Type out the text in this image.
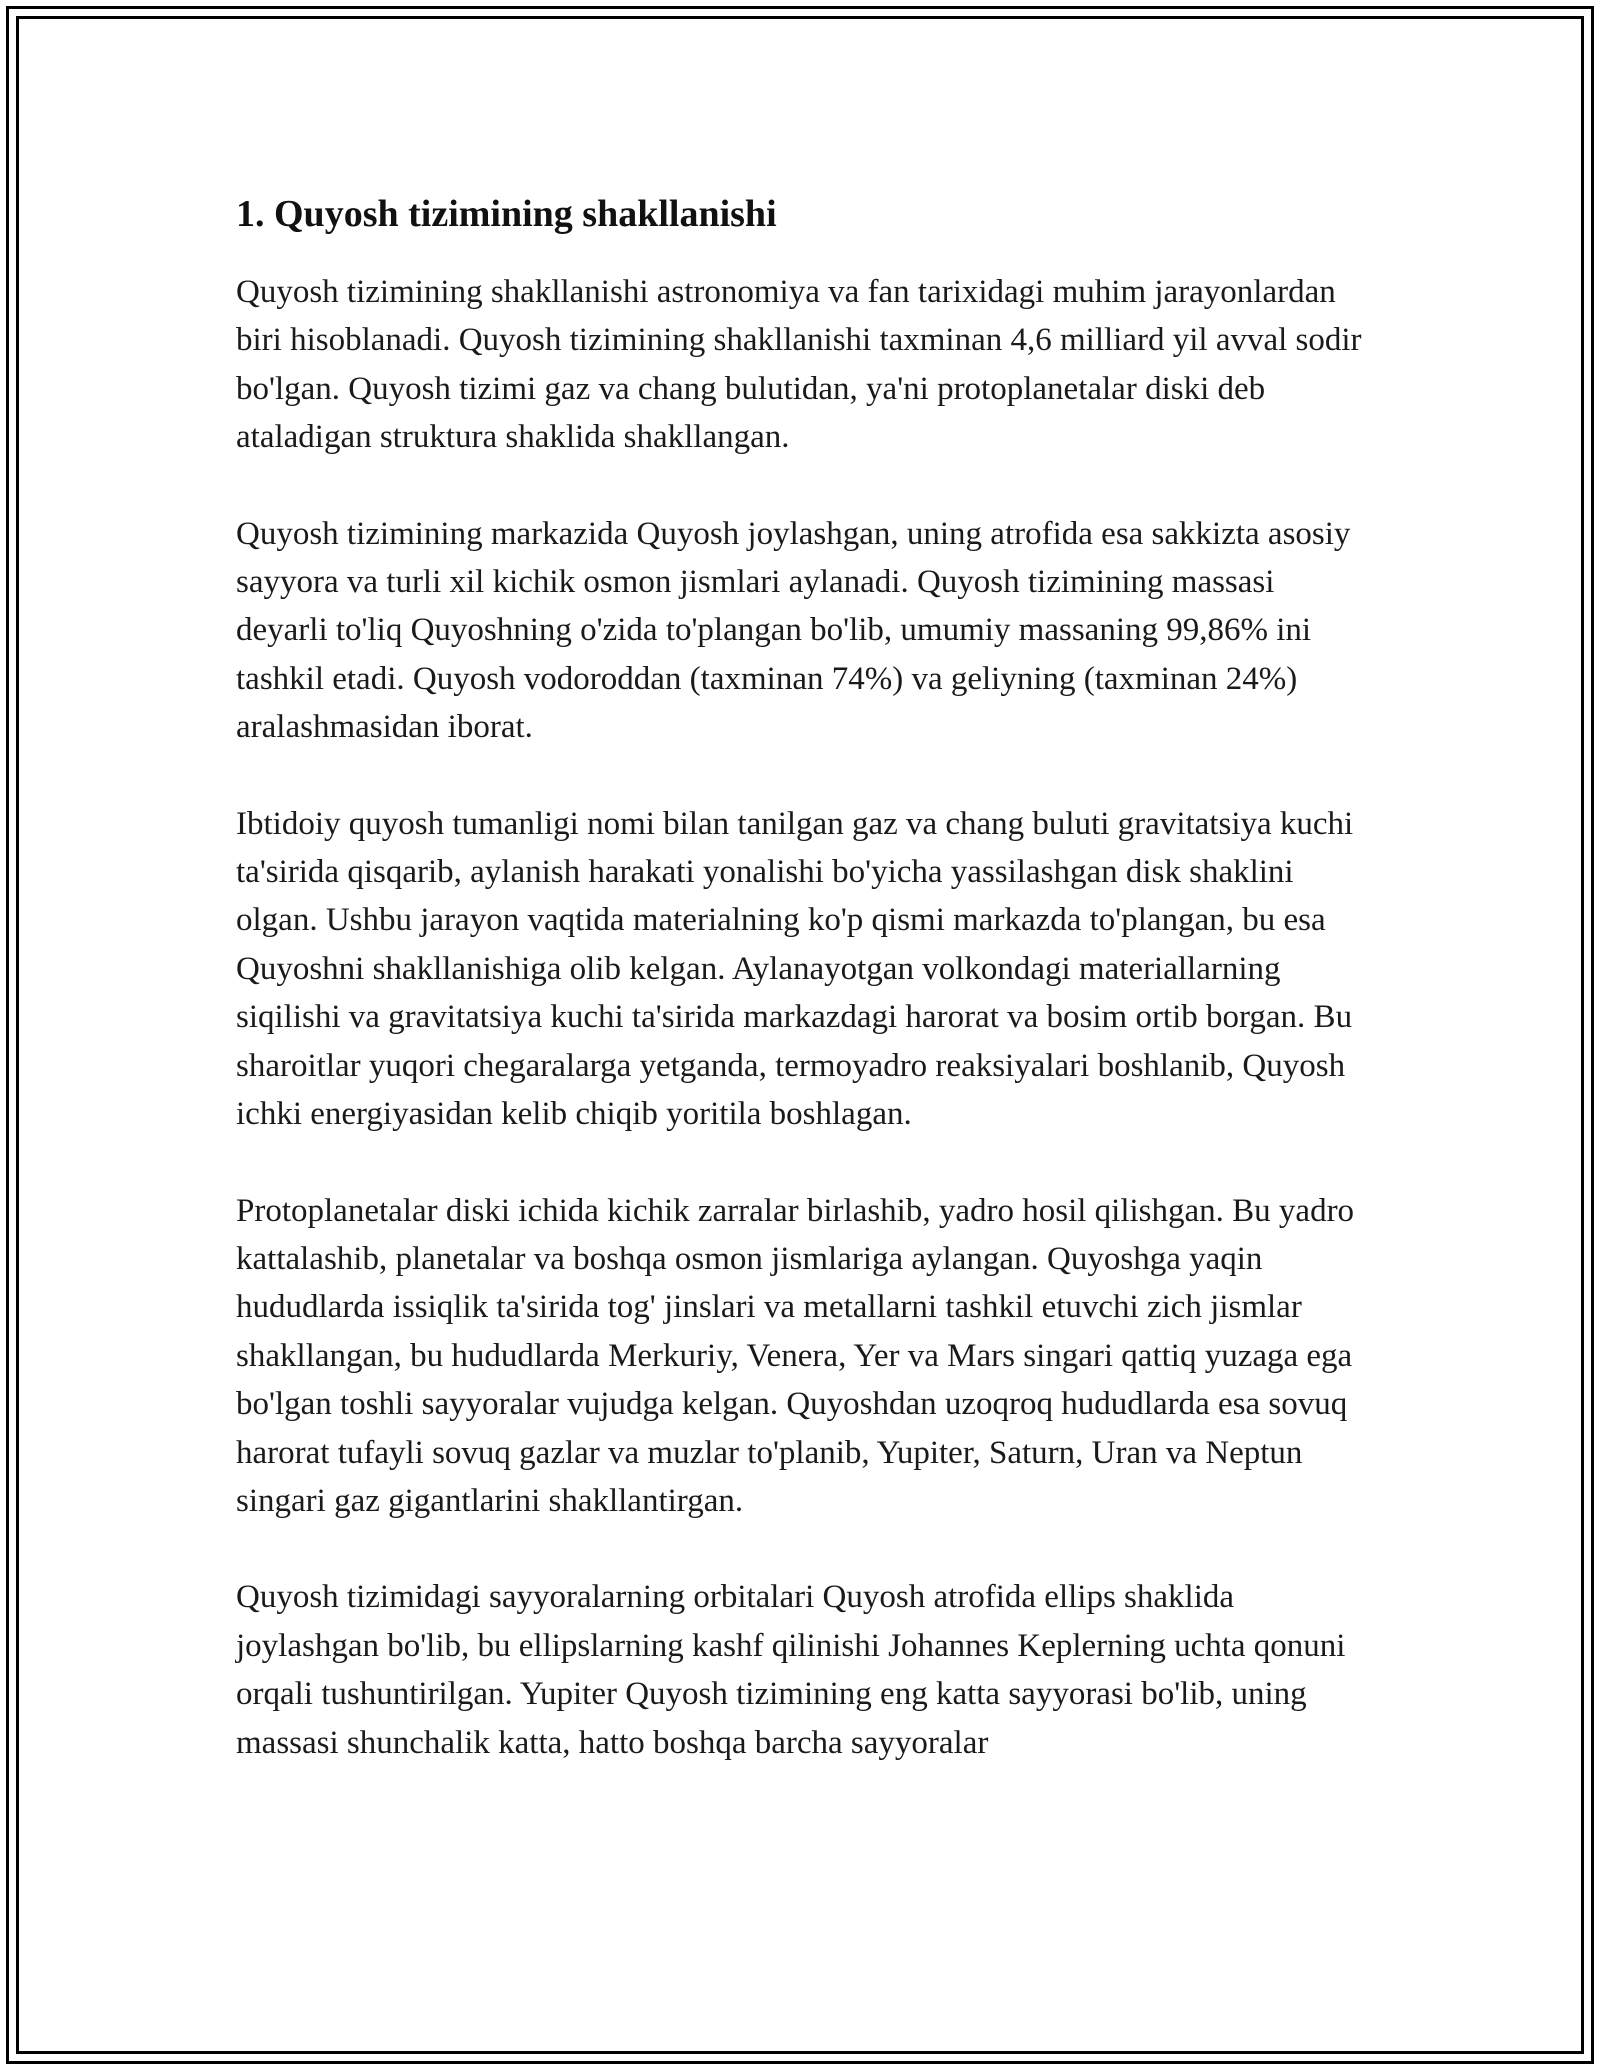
1. Quyosh tizimining shakllanishi

Quyosh tizimining shakllanishi astronomiya va fan tarixidagi muhim jarayonlardan biri hisoblanadi. Quyosh tizimining shakllanishi taxminan 4,6 milliard yil avval sodir bo'lgan. Quyosh tizimi gaz va chang bulutidan, ya'ni protoplanetalar diski deb ataladigan struktura shaklida shakllangan.

Quyosh tizimining markazida Quyosh joylashgan, uning atrofida esa sakkizta asosiy sayyora va turli xil kichik osmon jismlari aylanadi. Quyosh tizimining massasi deyarli to'liq Quyoshning o'zida to'plangan bo'lib, umumiy massaning 99,86% ini tashkil etadi. Quyosh vodoroddan (taxminan 74%) va geliyning (taxminan 24%) aralashmasidan iborat.

Ibtidoiy quyosh tumanligi nomi bilan tanilgan gaz va chang buluti gravitatsiya kuchi ta'sirida qisqarib, aylanish harakati yonalishi bo'yicha yassilashgan disk shaklini olgan. Ushbu jarayon vaqtida materialning ko'p qismi markazda to'plangan, bu esa Quyoshni shakllanishiga olib kelgan. Aylanayotgan volkondagi materiallarning siqilishi va gravitatsiya kuchi ta'sirida markazdagi harorat va bosim ortib borgan. Bu sharoitlar yuqori chegaralarga yetganda, termoyadro reaksiyalari boshlanib, Quyosh ichki energiyasidan kelib chiqib yoritila boshlagan.

Protoplanetalar diski ichida kichik zarralar birlashib, yadro hosil qilishgan. Bu yadro kattalashib, planetalar va boshqa osmon jismlariga aylangan. Quyoshga yaqin hududlarda issiqlik ta'sirida tog' jinslari va metallarni tashkil etuvchi zich jismlar shakllangan, bu hududlarda Merkuriy, Venera, Yer va Mars singari qattiq yuzaga ega bo'lgan toshli sayyoralar vujudga kelgan. Quyoshdan uzoqroq hududlarda esa sovuq harorat tufayli sovuq gazlar va muzlar to'planib, Yupiter, Saturn, Uran va Neptun singari gaz gigantlarini shakllantirgan.

Quyosh tizimidagi sayyoralarning orbitalari Quyosh atrofida ellips shaklida joylashgan bo'lib, bu ellipslarning kashf qilinishi Johannes Keplerning uchta qonuni orqali tushuntirilgan. Yupiter Quyosh tizimining eng katta sayyorasi bo'lib, uning massasi shunchalik katta, hatto boshqa barcha sayyoralar
